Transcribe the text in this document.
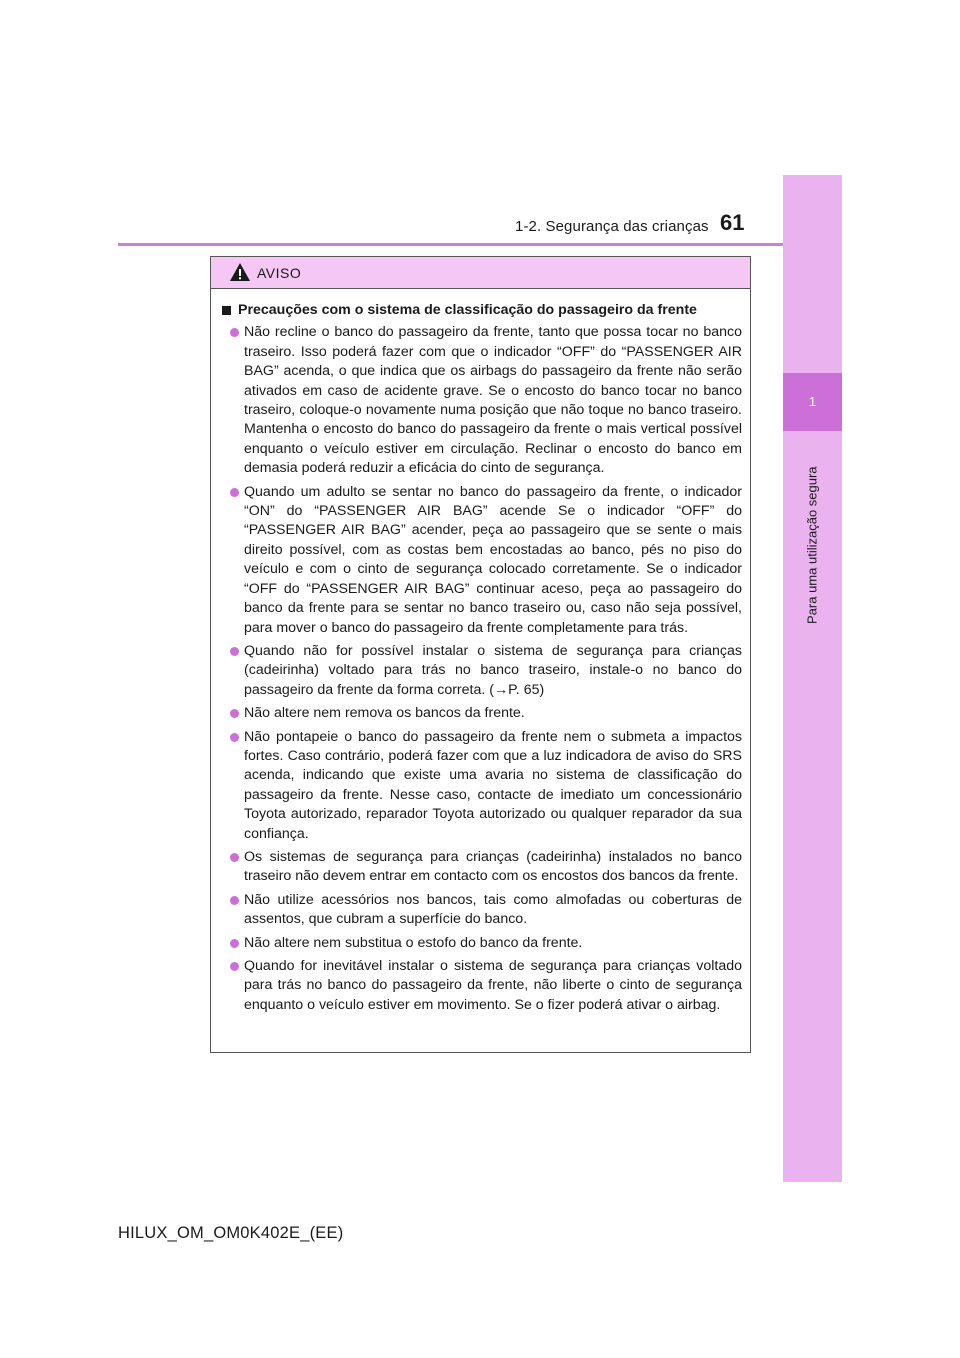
1-2. Segurança das crianças 61
1
Para uma utilização segura
AVISO
Precauções com o sistema de classificação do passageiro da frente
Não recline o banco do passageiro da frente, tanto que possa tocar no banco traseiro. Isso poderá fazer com que o indicador “OFF” do “PASSENGER AIR BAG” acenda, o que indica que os airbags do passageiro da frente não serão ativados em caso de acidente grave. Se o encosto do banco tocar no banco traseiro, coloque-o novamente numa posição que não toque no banco traseiro. Mantenha o encosto do banco do passageiro da frente o mais vertical possível enquanto o veículo estiver em circulação. Reclinar o encosto do banco em demasia poderá reduzir a eficácia do cinto de segurança.
Quando um adulto se sentar no banco do passageiro da frente, o indicador “ON” do “PASSENGER AIR BAG” acende Se o indicador “OFF” do “PASSENGER AIR BAG” acender, peça ao passageiro que se sente o mais direito possível, com as costas bem encostadas ao banco, pés no piso do veículo e com o cinto de segurança colocado corretamente. Se o indicador “OFF do “PASSENGER AIR BAG” continuar aceso, peça ao passageiro do banco da frente para se sentar no banco traseiro ou, caso não seja possível, para mover o banco do passageiro da frente completamente para trás.
Quando não for possível instalar o sistema de segurança para crianças (cadeirinha) voltado para trás no banco traseiro, instale-o no banco do passageiro da frente da forma correta. (→P. 65)
Não altere nem remova os bancos da frente.
Não pontapeie o banco do passageiro da frente nem o submeta a impactos fortes. Caso contrário, poderá fazer com que a luz indicadora de aviso do SRS acenda, indicando que existe uma avaria no sistema de classificação do passageiro da frente. Nesse caso, contacte de imediato um concessionário Toyota autorizado, reparador Toyota autorizado ou qualquer reparador da sua confiança.
Os sistemas de segurança para crianças (cadeirinha) instalados no banco traseiro não devem entrar em contacto com os encostos dos bancos da frente.
Não utilize acessórios nos bancos, tais como almofadas ou coberturas de assentos, que cubram a superfície do banco.
Não altere nem substitua o estofo do banco da frente.
Quando for inevitável instalar o sistema de segurança para crianças voltado para trás no banco do passageiro da frente, não liberte o cinto de segurança enquanto o veículo estiver em movimento. Se o fizer poderá ativar o airbag.
HILUX_OM_OM0K402E_(EE)
